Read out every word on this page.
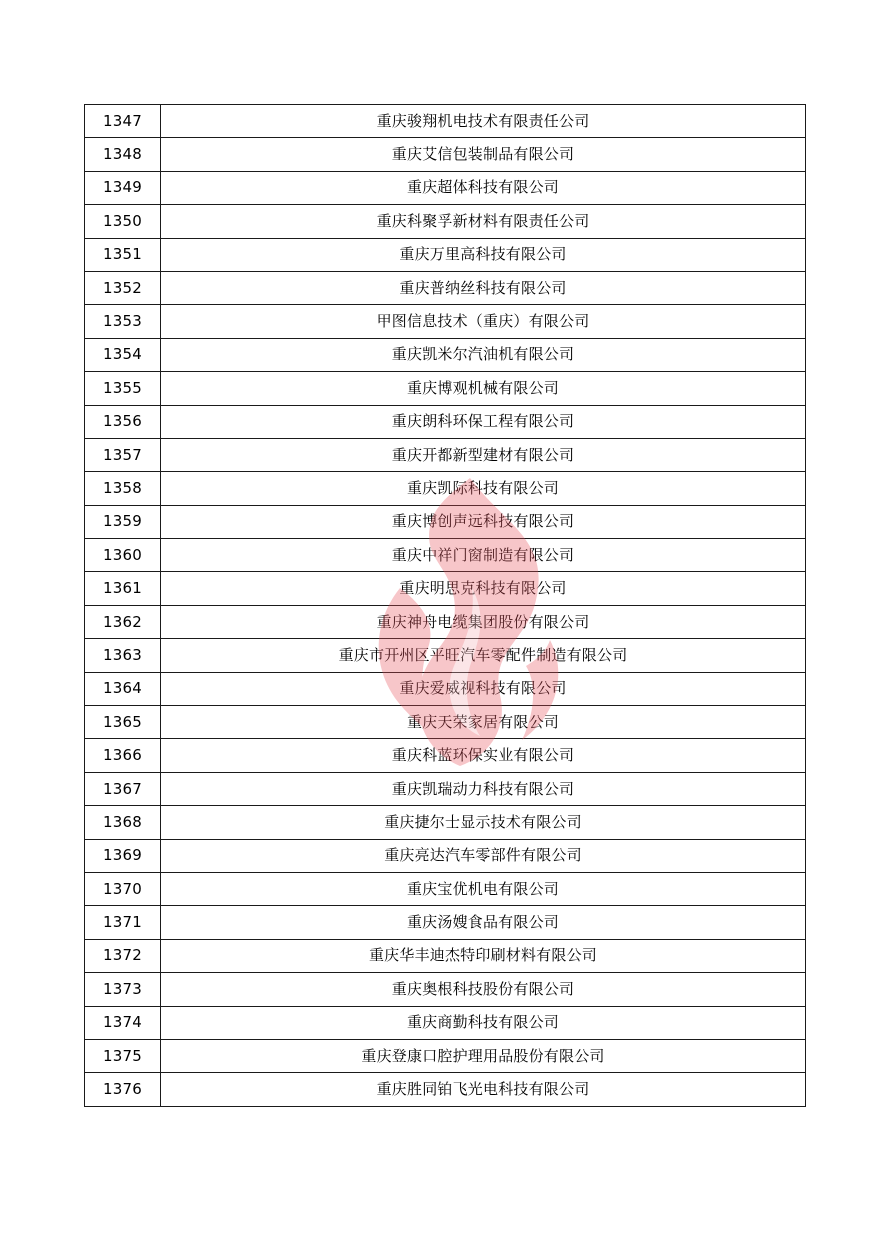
1347	重庆骏翔机电技术有限责任公司
1348	重庆艾信包装制品有限公司
1349	重庆超体科技有限公司
1350	重庆科聚孚新材料有限责任公司
1351	重庆万里高科技有限公司
1352	重庆普纳丝科技有限公司
1353	甲图信息技术（重庆）有限公司
1354	重庆凯米尔汽油机有限公司
1355	重庆博观机械有限公司
1356	重庆朗科环保工程有限公司
1357	重庆开都新型建材有限公司
1358	重庆凯际科技有限公司
1359	重庆博创声远科技有限公司
1360	重庆中祥门窗制造有限公司
1361	重庆明思克科技有限公司
1362	重庆神舟电缆集团股份有限公司
1363	重庆市开州区平旺汽车零配件制造有限公司
1364	重庆爱威视科技有限公司
1365	重庆天荣家居有限公司
1366	重庆科蓝环保实业有限公司
1367	重庆凯瑞动力科技有限公司
1368	重庆捷尔士显示技术有限公司
1369	重庆亮达汽车零部件有限公司
1370	重庆宝优机电有限公司
1371	重庆汤嫂食品有限公司
1372	重庆华丰迪杰特印刷材料有限公司
1373	重庆奥根科技股份有限公司
1374	重庆商勤科技有限公司
1375	重庆登康口腔护理用品股份有限公司
1376	重庆胜同铂飞光电科技有限公司
